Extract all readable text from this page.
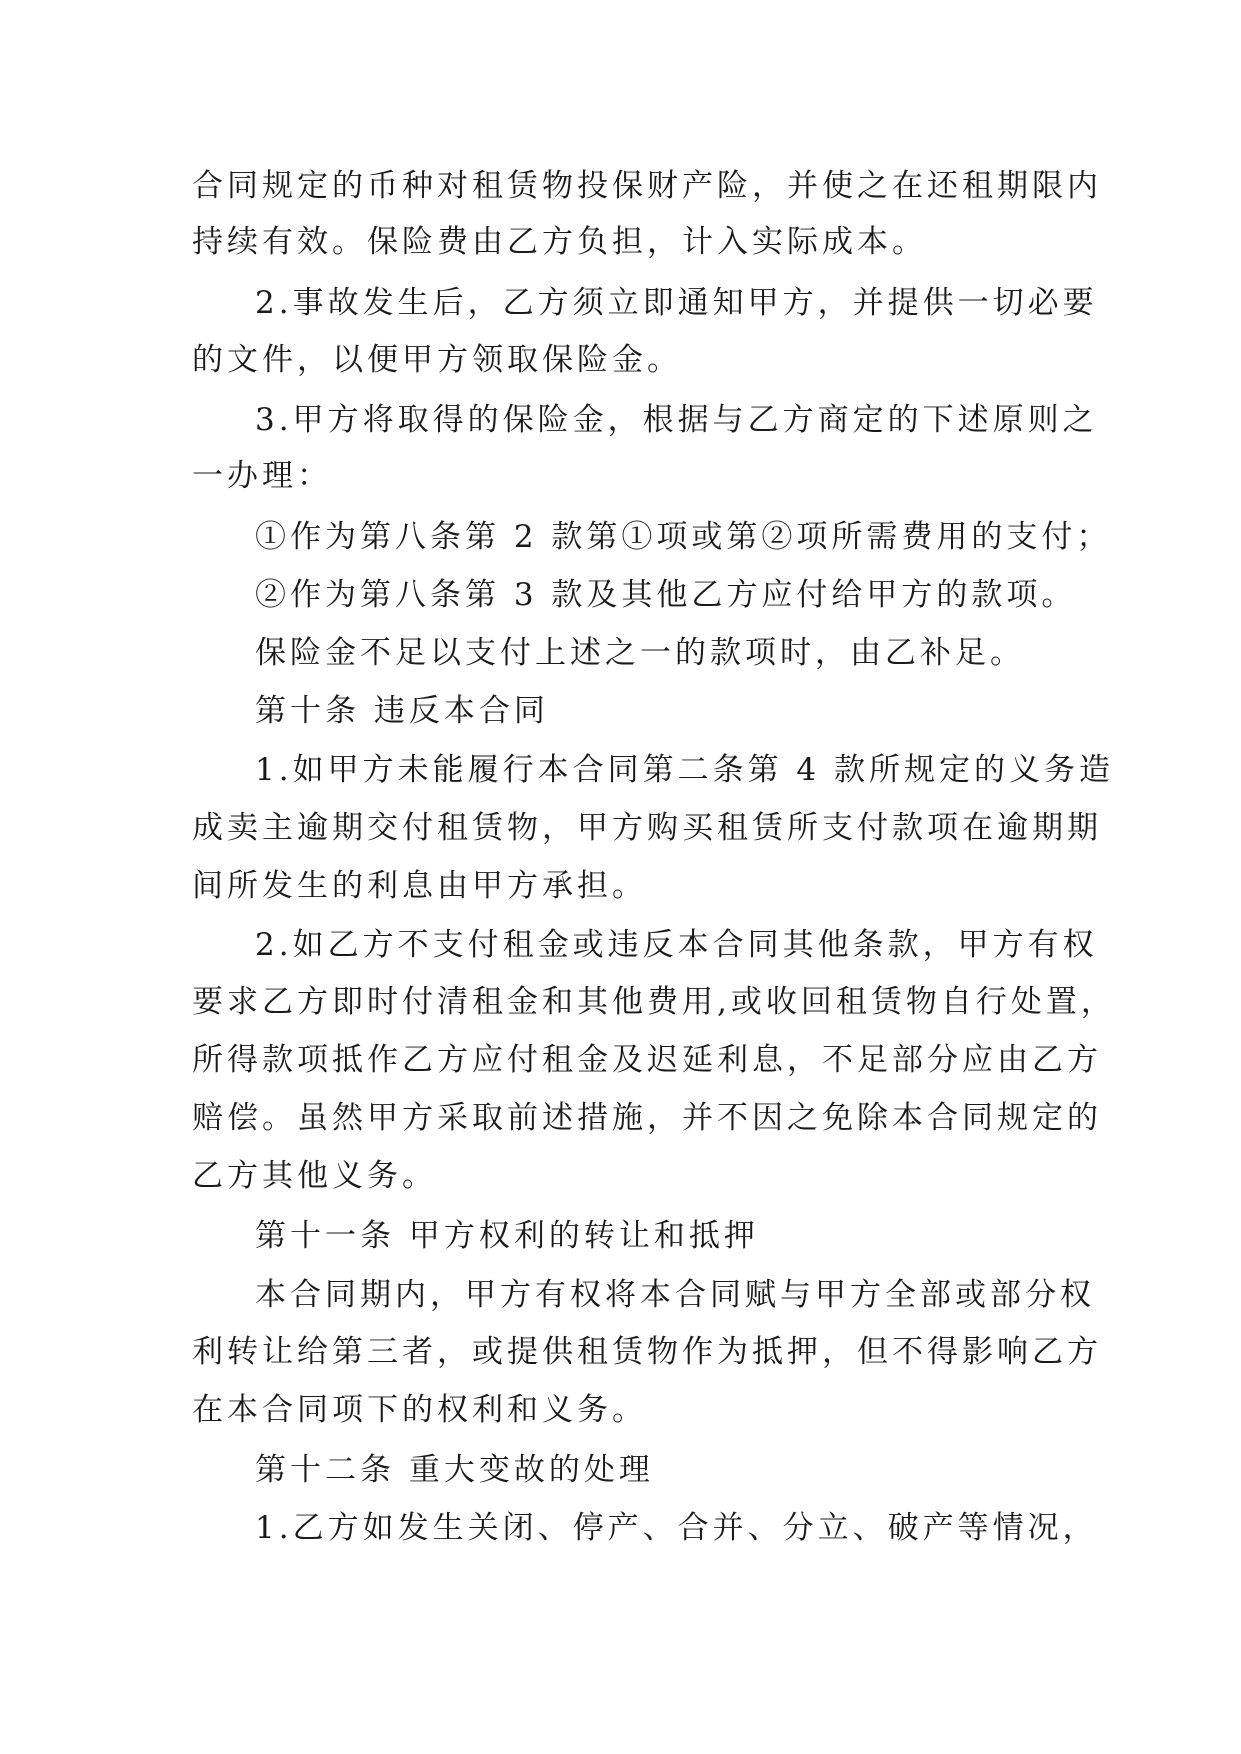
合同规定的币种对租赁物投保财产险，并使之在还租期限内
持续有效。保险费由乙方负担，计入实际成本。
2.事故发生后，乙方须立即通知甲方，并提供一切必要
的文件，以便甲方领取保险金。
3.甲方将取得的保险金，根据与乙方商定的下述原则之
一办理：
①作为第八条第 2 款第①项或第②项所需费用的支付；
②作为第八条第 3 款及其他乙方应付给甲方的款项。
保险金不足以支付上述之一的款项时，由乙补足。
第十条 违反本合同
1.如甲方未能履行本合同第二条第 4 款所规定的义务造
成卖主逾期交付租赁物，甲方购买租赁所支付款项在逾期期
间所发生的利息由甲方承担。
2.如乙方不支付租金或违反本合同其他条款，甲方有权
要求乙方即时付清租金和其他费用,或收回租赁物自行处置，
所得款项抵作乙方应付租金及迟延利息，不足部分应由乙方
赔偿。虽然甲方采取前述措施，并不因之免除本合同规定的
乙方其他义务。
第十一条 甲方权利的转让和抵押
本合同期内，甲方有权将本合同赋与甲方全部或部分权
利转让给第三者，或提供租赁物作为抵押，但不得影响乙方
在本合同项下的权利和义务。
第十二条 重大变故的处理
1.乙方如发生关闭、停产、合并、分立、破产等情况，
